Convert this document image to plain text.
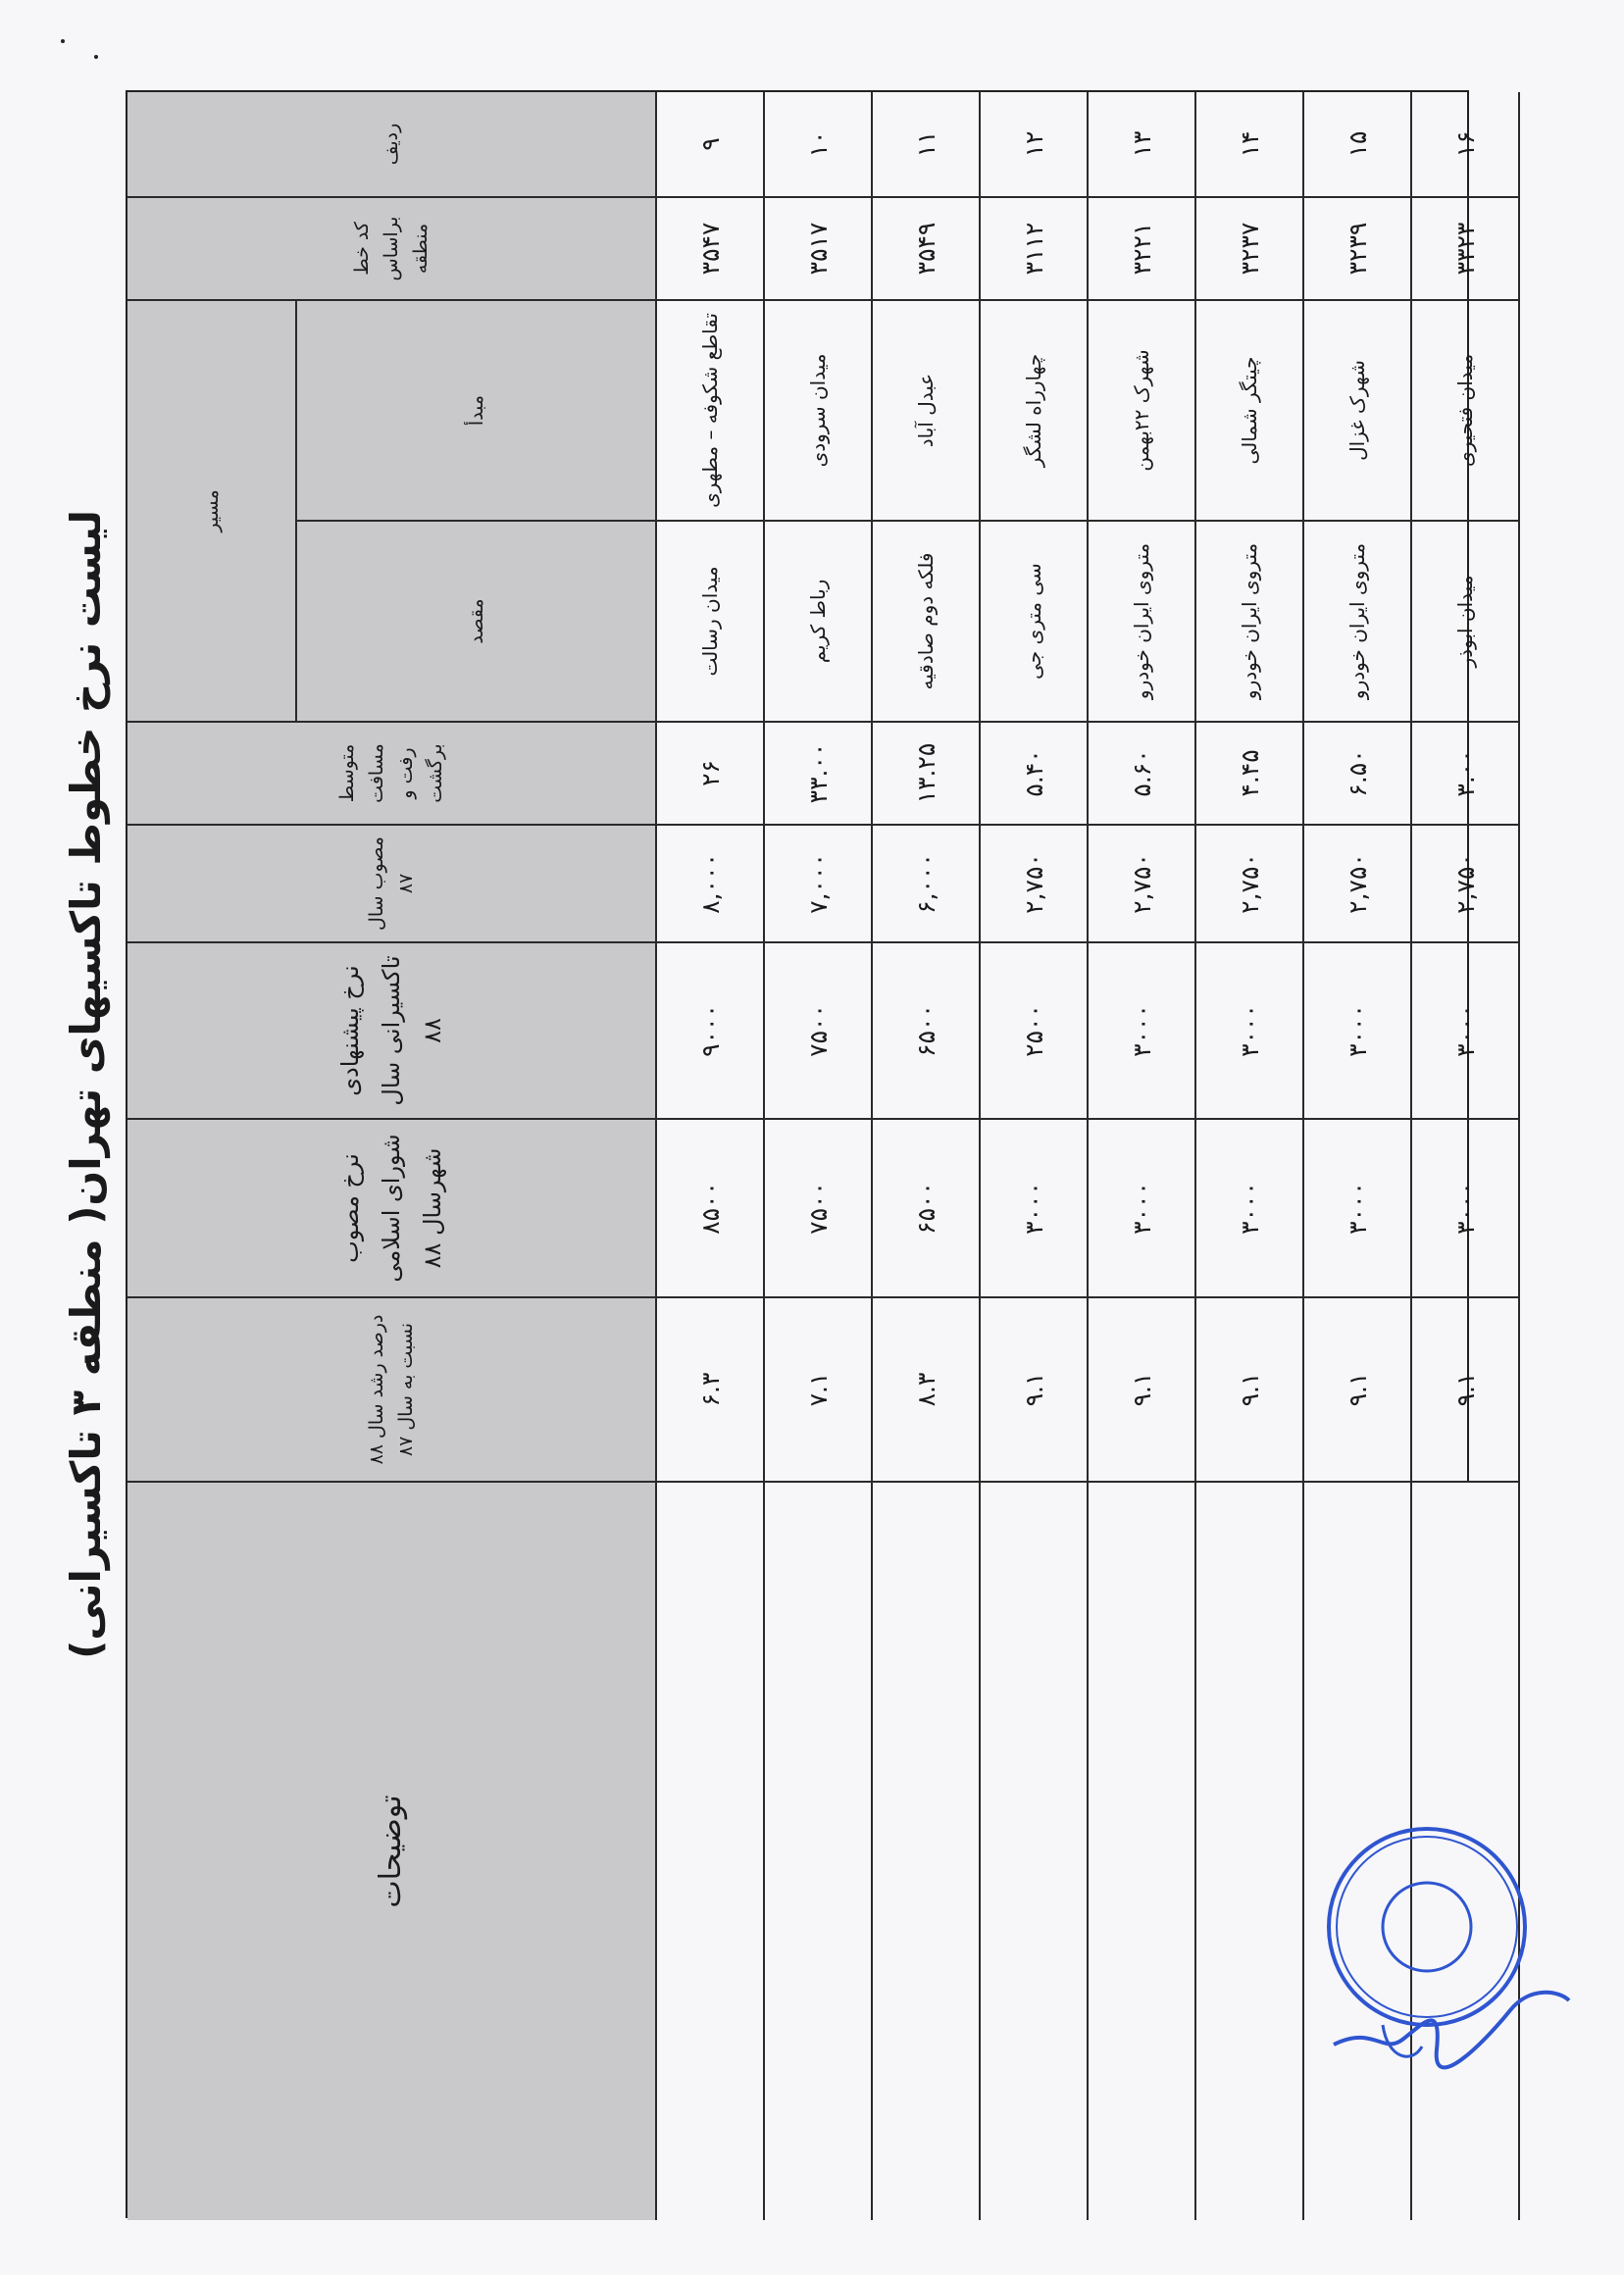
لیست نرخ خطوط تاکسیهای تهران( منطقه ۳ تاکسیرانی)
ردیف
کد خط براساس منطقه
مسیر
مبدأ
مقصد
متوسط مسافت رفت و برگشت
مصوب سال ۸۷
نرخ پیشنهادی تاکسیرانی سال ۸۸
نرخ مصوب شورای اسلامی شهرسال ۸۸
درصد رشد سال ۸۸ نسبت به سال ۸۷
توضیحات
۹
۳۵۴۷
تقاطع شکوفه – مطهری
میدان رسالت
۲۶
۸,۰۰۰
۹۰۰۰
۸۵۰۰
۶.۳
۱۰
۳۵۱۷
میدان سرودی
رباط کریم
۳۳.۰۰
۷,۰۰۰
۷۵۰۰
۷۵۰۰
۷.۱
۱۱
۳۵۴۹
عبدل آباد
فلکه دوم صادقیه
۱۳.۲۵
۶,۰۰۰
۶۵۰۰
۶۵۰۰
۸.۳
۱۲
۳۱۱۲
چهارراه لشگر
سی متری جی
۵.۴۰
۲,۷۵۰
۲۵۰۰
۳۰۰۰
۹.۱
۱۳
۳۲۲۱
شهرک ۲۲بهمن
متروی ایران خودرو
۵.۶۰
۲,۷۵۰
۳۰۰۰
۳۰۰۰
۹.۱
۱۴
۳۲۳۷
چیتگر شمالی
متروی ایران خودرو
۴.۴۵
۲,۷۵۰
۳۰۰۰
۳۰۰۰
۹.۱
۱۵
۳۲۳۹
شهرک غزال
متروی ایران خودرو
۶.۵۰
۲,۷۵۰
۳۰۰۰
۳۰۰۰
۹.۱
۱۶
۳۳۲۳
میدان فتحیری
میدان ابوذر
۳.۰۰
۲,۷۵۰
۳۰۰۰
۳۰۰۰
۹.۱
